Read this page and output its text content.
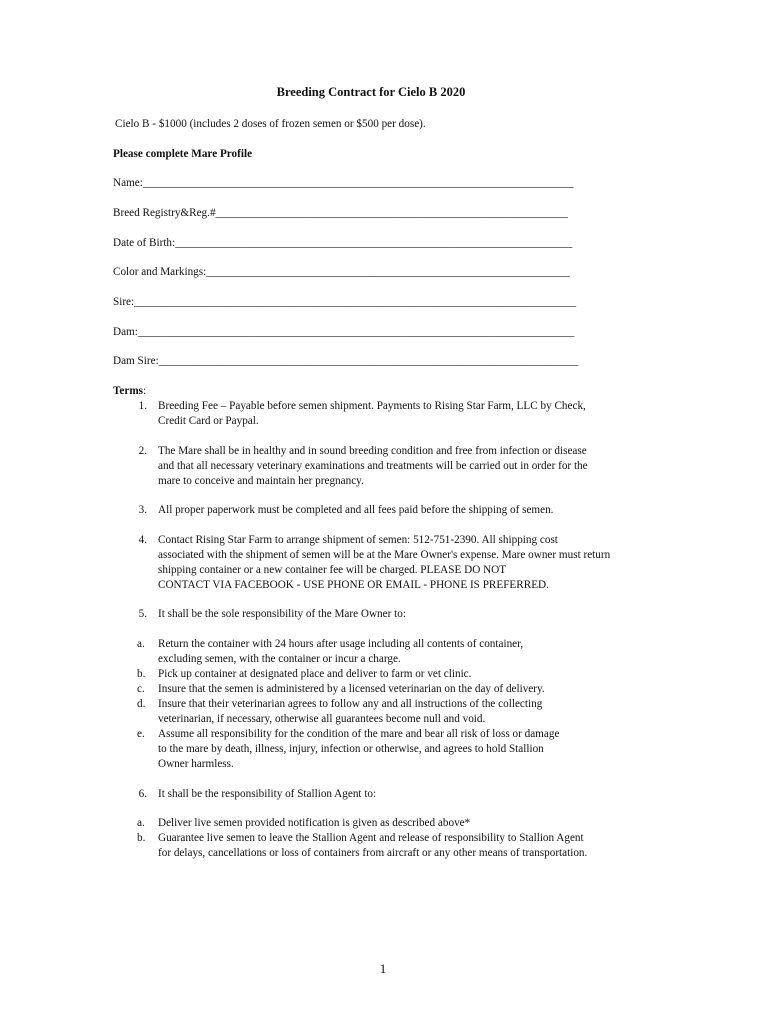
Breeding Contract for Cielo B 2020
Cielo B - $1000 (includes 2 doses of frozen semen or $500 per dose).
Please complete Mare Profile
Name:_____________________________________________________________________________
Breed Registry&Reg.#_______________________________________________________________
Date of Birth:_______________________________________________________________________
Color and Markings:_________________________________________________________________
Sire:_______________________________________________________________________________
Dam:______________________________________________________________________________
Dam Sire:___________________________________________________________________________
Terms:
1. Breeding Fee – Payable before semen shipment. Payments to Rising Star Farm, LLC by Check,
Credit Card or Paypal.
2. The Mare shall be in healthy and in sound breeding condition and free from infection or disease
and that all necessary veterinary examinations and treatments will be carried out in order for the
mare to conceive and maintain her pregnancy.
3. All proper paperwork must be completed and all fees paid before the shipping of semen.
4. Contact Rising Star Farm to arrange shipment of semen: 512-751-2390. All shipping cost
associated with the shipment of semen will be at the Mare Owner's expense. Mare owner must return
shipping container or a new container fee will be charged. PLEASE DO NOT
CONTACT VIA FACEBOOK - USE PHONE OR EMAIL - PHONE IS PREFERRED.
5. It shall be the sole responsibility of the Mare Owner to:
a. Return the container with 24 hours after usage including all contents of container,
excluding semen, with the container or incur a charge.
b. Pick up container at designated place and deliver to farm or vet clinic.
c. Insure that the semen is administered by a licensed veterinarian on the day of delivery.
d. Insure that their veterinarian agrees to follow any and all instructions of the collecting
veterinarian, if necessary, otherwise all guarantees become null and void.
e. Assume all responsibility for the condition of the mare and bear all risk of loss or damage
to the mare by death, illness, injury, infection or otherwise, and agrees to hold Stallion
Owner harmless.
6. It shall be the responsibility of Stallion Agent to:
a. Deliver live semen provided notification is given as described above*
b. Guarantee live semen to leave the Stallion Agent and release of responsibility to Stallion Agent
for delays, cancellations or loss of containers from aircraft or any other means of transportation.
1
